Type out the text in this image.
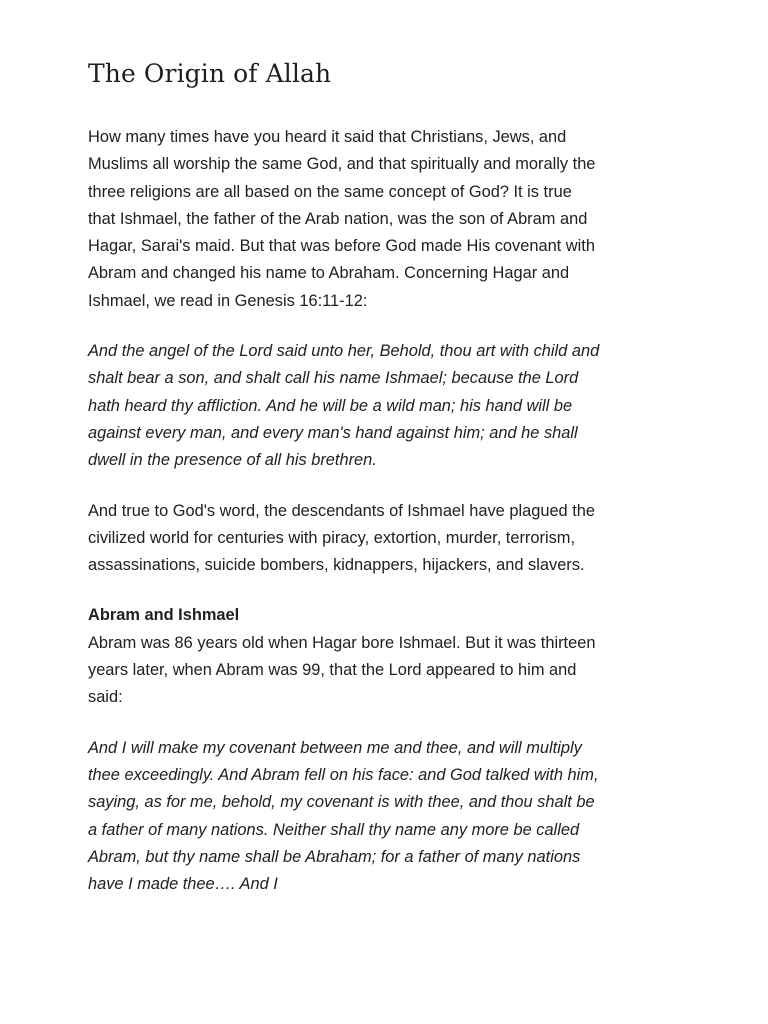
The Origin of Allah

How many times have you heard it said that Christians, Jews, and Muslims all worship the same God, and that spiritually and morally the three religions are all based on the same concept of God? It is true that Ishmael, the father of the Arab nation, was the son of Abram and Hagar, Sarai's maid. But that was before God made His covenant with Abram and changed his name to Abraham. Concerning Hagar and Ishmael, we read in Genesis 16:11-12:

And the angel of the Lord said unto her, Behold, thou art with child and shalt bear a son, and shalt call his name Ishmael; because the Lord hath heard thy affliction. And he will be a wild man; his hand will be against every man, and every man's hand against him; and he shall dwell in the presence of all his brethren.

And true to God's word, the descendants of Ishmael have plagued the civilized world for centuries with piracy, extortion, murder, terrorism, assassinations, suicide bombers, kidnappers, hijackers, and slavers.

Abram and Ishmael

Abram was 86 years old when Hagar bore Ishmael. But it was thirteen years later, when Abram was 99, that the Lord appeared to him and said:

And I will make my covenant between me and thee, and will multiply thee exceedingly. And Abram fell on his face: and God talked with him, saying, as for me, behold, my covenant is with thee, and thou shalt be a father of many nations. Neither shall thy name any more be called Abram, but thy name shall be Abraham; for a father of many nations have I made thee…. And I
